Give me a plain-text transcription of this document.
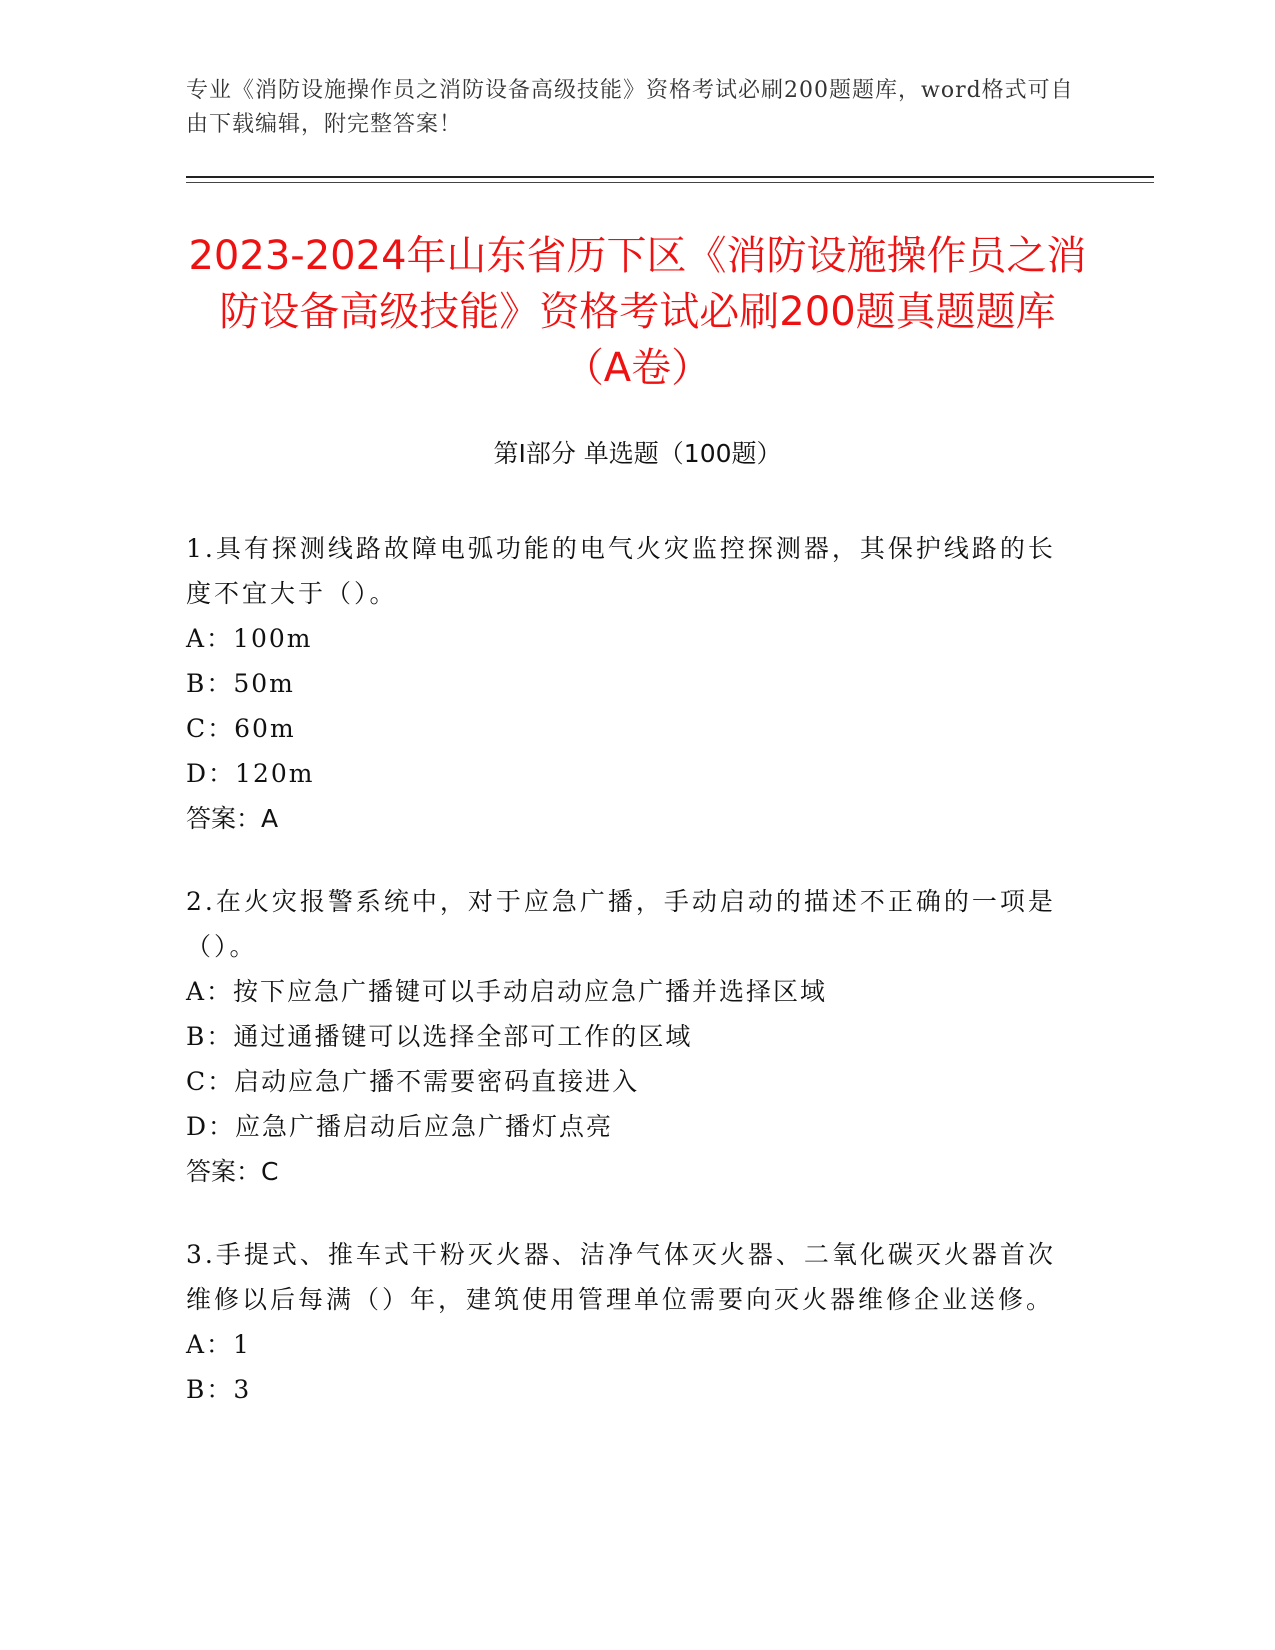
专业《消防设施操作员之消防设备高级技能》资格考试必刷200题题库，word格式可自由下载编辑，附完整答案！
2023-2024年山东省历下区《消防设施操作员之消防设备高级技能》资格考试必刷200题真题题库（A卷）
第Ⅰ部分 单选题（100题）

1.具有探测线路故障电弧功能的电气火灾监控探测器，其保护线路的长度不宜大于（）。

A：100m

B：50m

C：60m

D：120m

答案：A

2.在火灾报警系统中，对于应急广播，手动启动的描述不正确的一项是（）。

A：按下应急广播键可以手动启动应急广播并选择区域

B：通过通播键可以选择全部可工作的区域

C：启动应急广播不需要密码直接进入

D：应急广播启动后应急广播灯点亮

答案：C

3.手提式、推车式干粉灭火器、洁净气体灭火器、二氧化碳灭火器首次维修以后每满（）年，建筑使用管理单位需要向灭火器维修企业送修。

A：1

B：3
